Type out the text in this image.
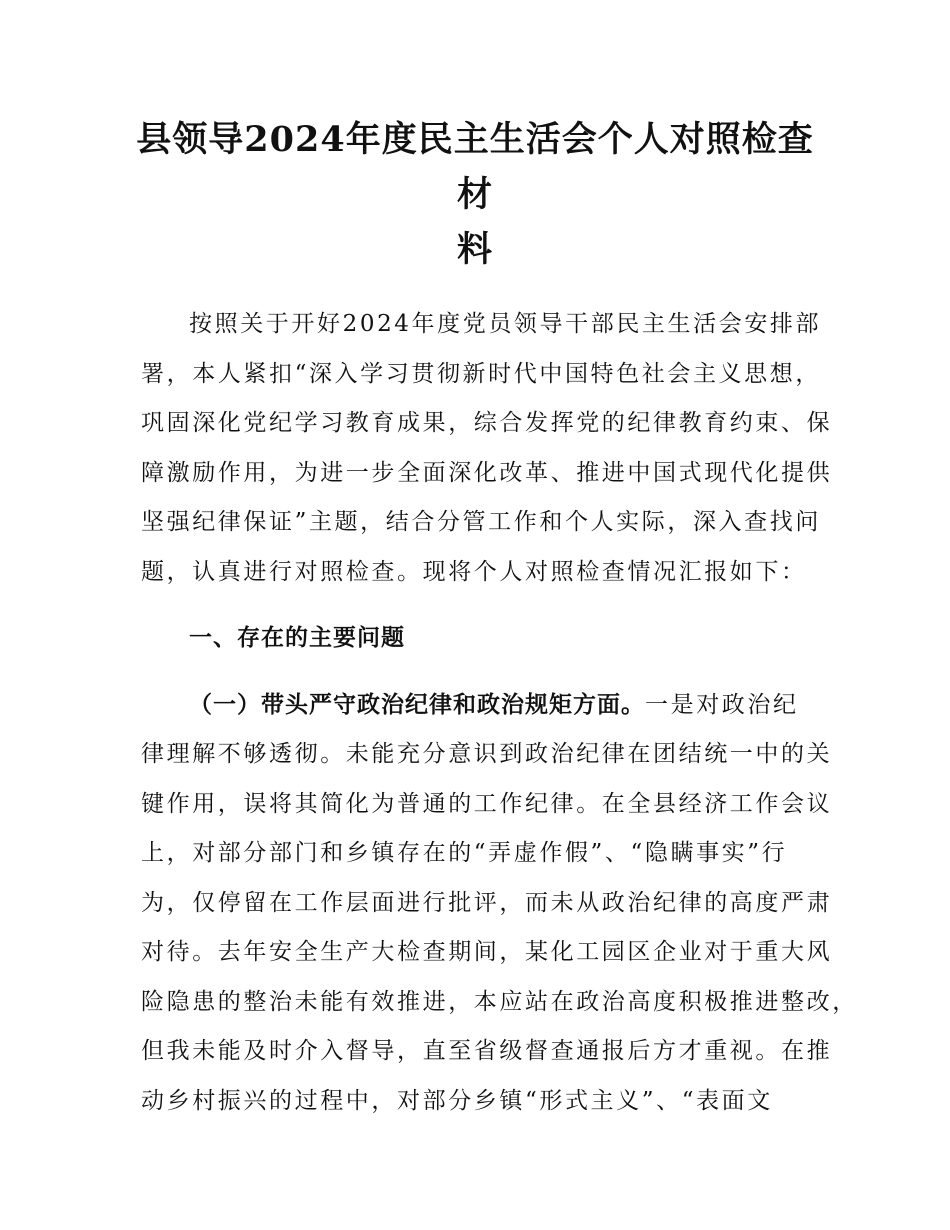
县领导2024年度民主生活会个人对照检查材
料
按照关于开好2024年度党员领导干部民主生活会安排部
署，本人紧扣“深入学习贯彻新时代中国特色社会主义思想，
巩固深化党纪学习教育成果，综合发挥党的纪律教育约束、保
障激励作用，为进一步全面深化改革、推进中国式现代化提供
坚强纪律保证”主题，结合分管工作和个人实际，深入查找问
题，认真进行对照检查。现将个人对照检查情况汇报如下：
一、存在的主要问题
（一）带头严守政治纪律和政治规矩方面。一是对政治纪
律理解不够透彻。未能充分意识到政治纪律在团结统一中的关
键作用，误将其简化为普通的工作纪律。在全县经济工作会议
上，对部分部门和乡镇存在的“弄虚作假”、“隐瞒事实”行
为，仅停留在工作层面进行批评，而未从政治纪律的高度严肃
对待。去年安全生产大检查期间，某化工园区企业对于重大风
险隐患的整治未能有效推进，本应站在政治高度积极推进整改，
但我未能及时介入督导，直至省级督查通报后方才重视。在推
动乡村振兴的过程中，对部分乡镇“形式主义”、“表面文
